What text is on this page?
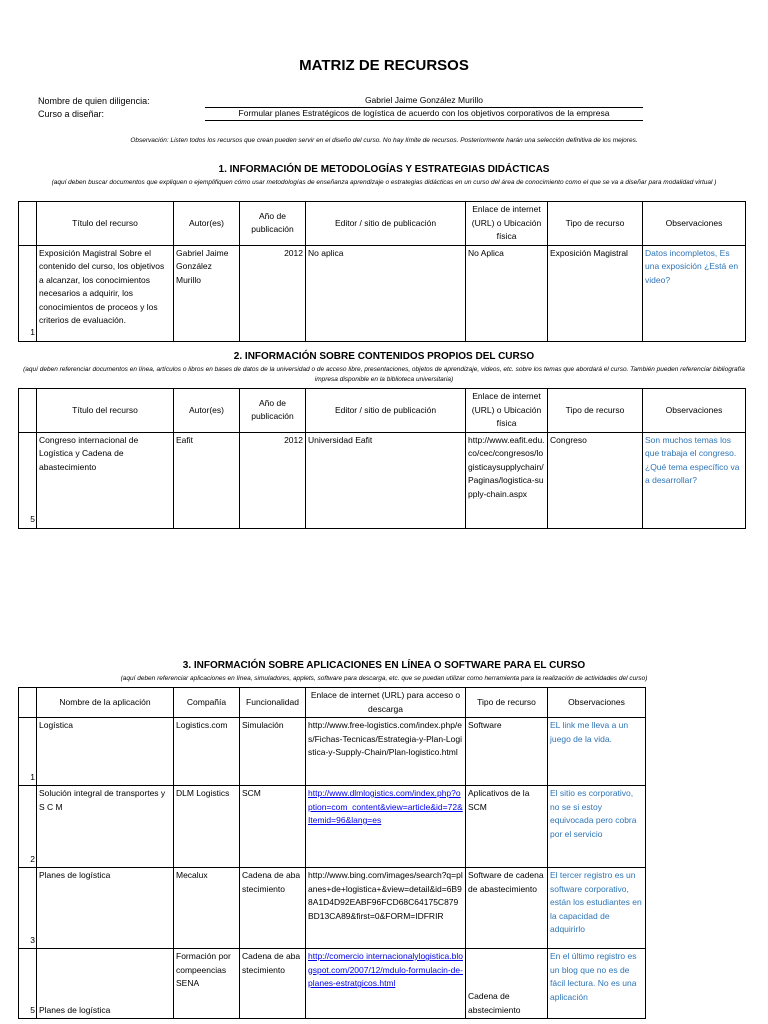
MATRIZ DE RECURSOS
Nombre de quien diligencia:	Gabriel Jaime González Murillo
Curso a diseñar:	Formular planes Estratégicos de logística de acuerdo con los objetivos corporativos de la empresa
Observación: Listen todos los recursos que crean pueden servir en el diseño del curso. No hay límite de recursos. Posteriormente harán una selección definitiva de los mejores.
1. INFORMACIÓN DE METODOLOGÍAS Y ESTRATEGIAS DIDÁCTICAS
(aquí deben buscar documentos que expliquen o ejemplifiquen cómo usar metodologías de enseñanza aprendizaje o estrategias didácticas en un curso del área de conocimiento como el que se va a diseñar para modalidad virtual )
	Título del recurso	Autor(es)	Año de publicación	Editor / sitio de publicación	Enlace de internet (URL) o Ubicación física	Tipo de recurso	Observaciones
1	Exposición Magistral Sobre el contenido del curso, los objetivos a alcanzar, los conocimientos necesarios a adquirir, los conocimientos de proceos y los criterios de evaluación.	Gabriel Jaime González Murillo	2012	No aplica	No Aplica	Exposición Magistral	Datos incompletos, Es una exposición ¿Está en video?
2. INFORMACIÓN SOBRE CONTENIDOS PROPIOS DEL CURSO
(aquí deben referenciar documentos en línea, artículos o libros en bases de datos de la universidad o de acceso libre, presentaciones, objetos de aprendizaje, videos, etc. sobre los temas que abordará el curso. También pueden referenciar bibliografía impresa disponible en la biblioteca universitaria)
	Título del recurso	Autor(es)	Año de publicación	Editor / sitio de publicación	Enlace de internet (URL) o Ubicación física	Tipo de recurso	Observaciones
5	Congreso internacional de Logística y Cadena de abastecimiento	Eafit	2012	Universidad Eafit	http://www.eafit.edu.co/cec/congresos/logisticaysupplychain/Paginas/logistica-supply-chain.aspx	Congreso	Son muchos temas los que trabaja el congreso. ¿Qué tema específico va a desarrollar?
3. INFORMACIÓN SOBRE APLICACIONES EN LÍNEA O SOFTWARE PARA EL CURSO
(aquí deben referenciar aplicaciones en línea, simuladores, applets, software para descarga, etc. que se puedan utilizar como herramienta para la realización de actividades del curso)
	Nombre de la aplicación	Compañía	Funcionalidad	Enlace de internet (URL) para acceso o descarga	Tipo de recurso	Observaciones
1	Logística	Logistics.com	Simulación	http://www.free-logistics.com/index.php/es/Fichas-Tecnicas/Estrategia-y-Plan-Logistica-y-Supply-Chain/Plan-logistico.html	Software	EL link me lleva a un juego de la vida.
2	Solución integral de transportes y S C M	DLM Logistics	SCM	http://www.dlmlogistics.com/index.php?option=com_content&view=article&id=72&Itemid=96&lang=es	Aplicativos de la SCM	El sitio es corporativo, no se si estoy equivocada pero cobra por el servicio
3	Planes de logística	Mecalux	Cadena de abastecimiento	http://www.bing.com/images/search?q=planes+de+logistica+&view=detail&id=6B98A1D4D92EABF96FCD68C64175C879BD13CA89&first=0&FORM=IDFRIR	Software de cadena de abastecimiento	El tercer registro es un software corporativo, están los estudiantes en la capacidad de adquirirlo
5	Planes de logística	Formación por compeencias SENA	Cadena de abastecimiento	http://comercio internacionalylogistica.blogspot.com/2007/12/mdulo-formulacin-de-planes-estratgicos.html	Cadena de abstecimiento	En el último registro es un blog que no es de fácil lectura. No es una aplicación
